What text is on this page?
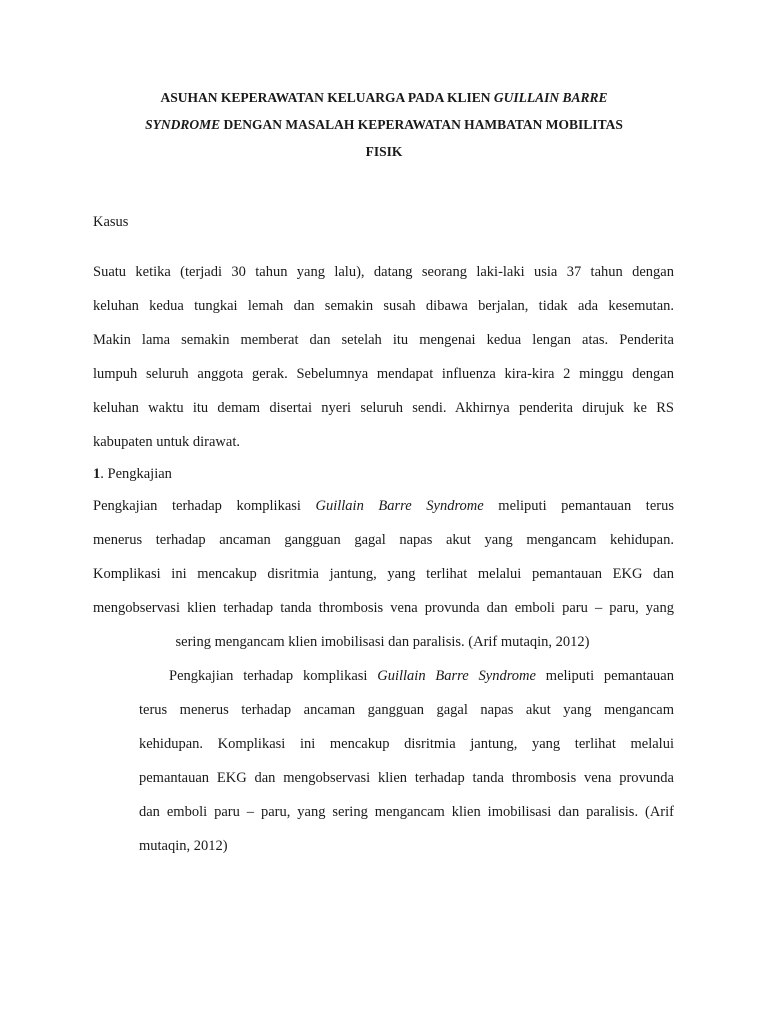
ASUHAN KEPERAWATAN KELUARGA PADA KLIEN GUILLAIN BARRE
SYNDROME DENGAN MASALAH KEPERAWATAN HAMBATAN MOBILITAS
FISIK
Kasus
Suatu ketika (terjadi 30 tahun yang lalu), datang seorang laki-laki usia 37 tahun dengan
keluhan kedua tungkai lemah dan semakin susah dibawa berjalan, tidak ada kesemutan.
Makin lama semakin memberat dan setelah itu mengenai kedua lengan atas. Penderita
lumpuh seluruh anggota gerak. Sebelumnya mendapat influenza kira-kira 2 minggu dengan
keluhan waktu itu demam disertai nyeri seluruh sendi. Akhirnya penderita dirujuk ke RS
kabupaten untuk dirawat.
1. Pengkajian
Pengkajian terhadap komplikasi Guillain Barre Syndrome meliputi pemantauan terus
menerus terhadap ancaman gangguan gagal napas akut yang mengancam kehidupan.
Komplikasi ini mencakup disritmia jantung, yang terlihat melalui pemantauan EKG dan
mengobservasi klien terhadap tanda thrombosis vena provunda dan emboli paru – paru, yang
sering mengancam klien imobilisasi dan paralisis. (Arif mutaqin, 2012)
Pengkajian terhadap komplikasi Guillain Barre Syndrome meliputi pemantauan
terus menerus terhadap ancaman gangguan gagal napas akut yang mengancam
kehidupan. Komplikasi ini mencakup disritmia jantung, yang terlihat melalui
pemantauan EKG dan mengobservasi klien terhadap tanda thrombosis vena provunda
dan emboli paru – paru, yang sering mengancam klien imobilisasi dan paralisis. (Arif
mutaqin, 2012)
